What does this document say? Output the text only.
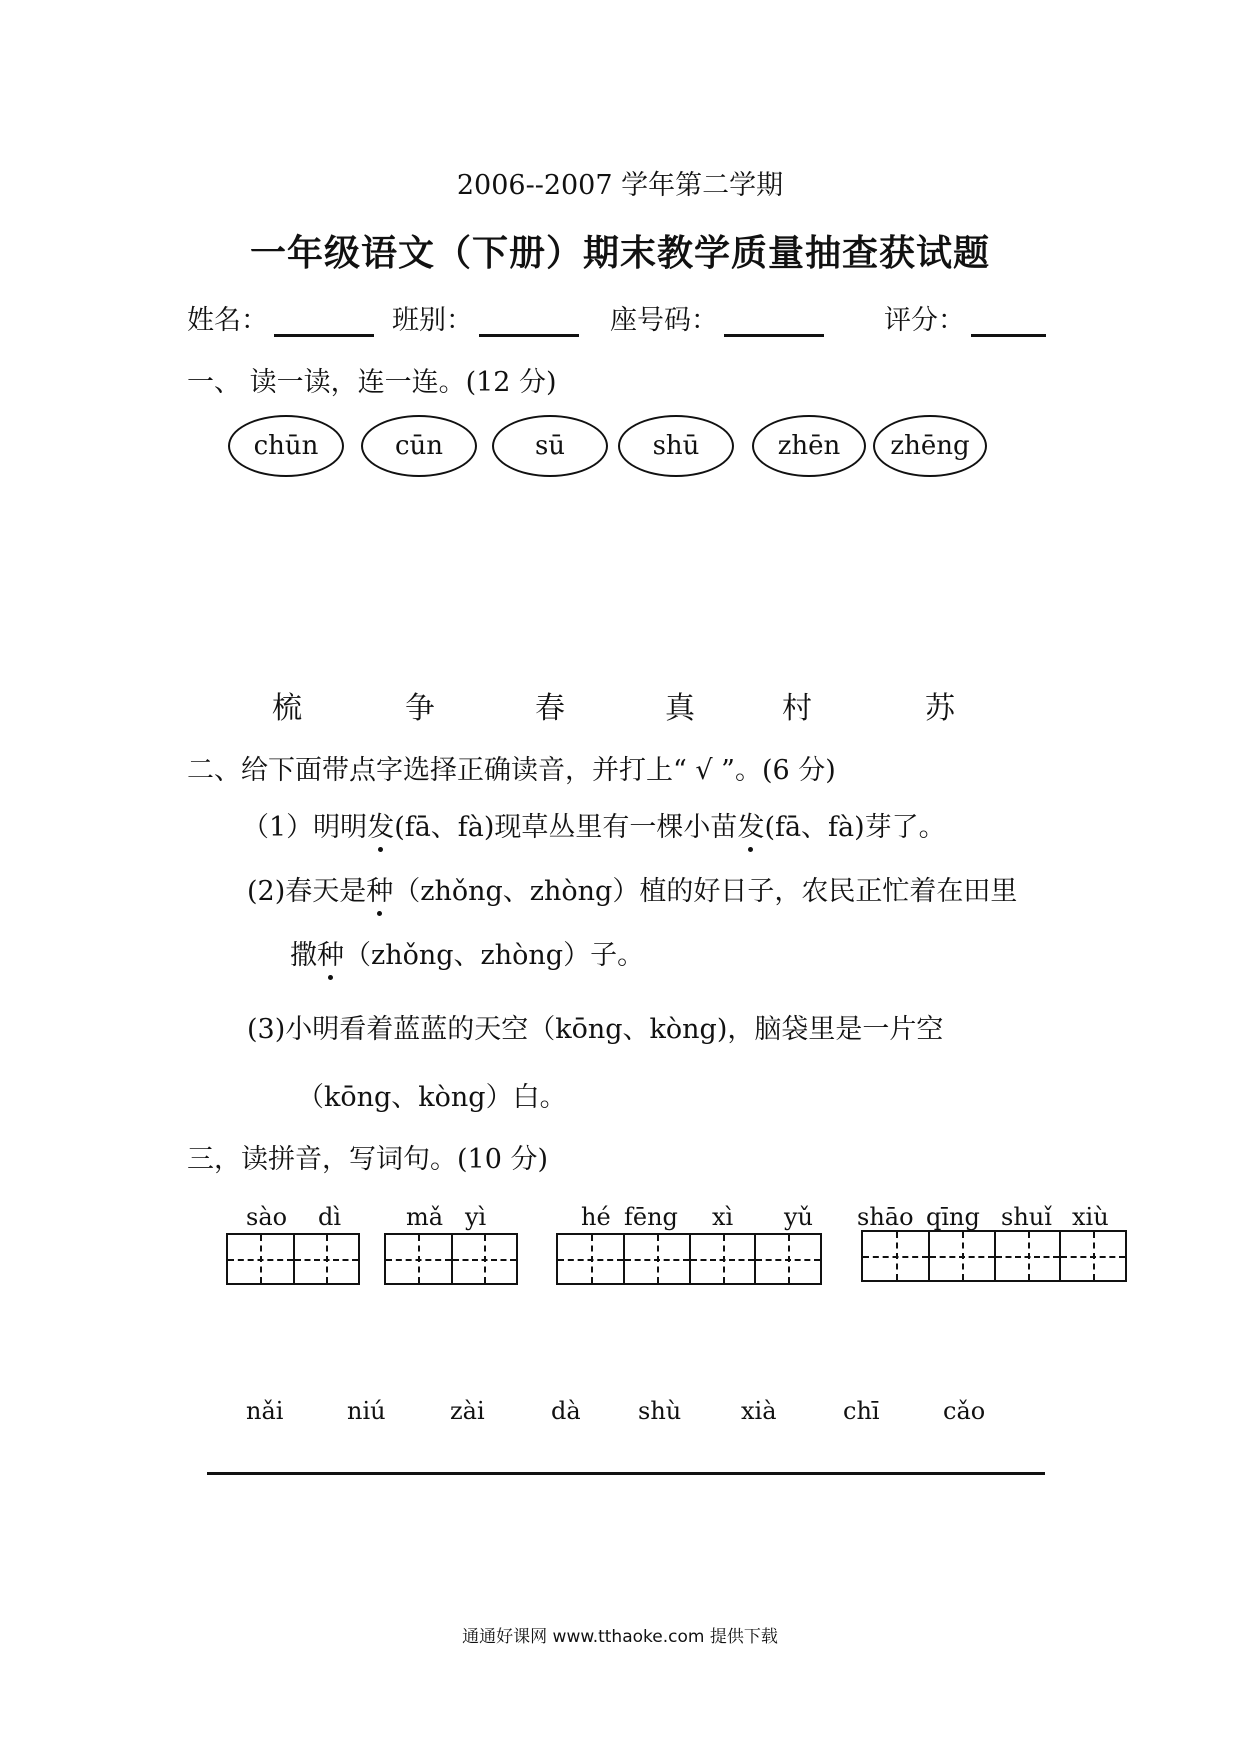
2006--2007 学年第二学期
一年级语文（下册）期末教学质量抽查获试题
姓名：	班别：	座号码：	评分：
一、 读一读，连一连。(12 分)
chūn	cūn	sū	shū	zhēn zhēng
梳	争	春	真	村	苏
二、给下面带点字选择正确读音，并打上“ √ ”。(6 分)
（1）明明发(fā、fà)现草丛里有一棵小苗发(fā、fà)芽了。
(2)春天是种（zhǒng、zhòng）植的好日子，农民正忙着在田里
撒种（zhǒng、zhòng）子。
(3)小明看着蓝蓝的天空（kōng、kòng)，脑袋里是一片空
（kōng、kòng）白。
三，读拼音，写词句。(10 分)
sào dì	mǎ yì	hé fēng xì yǔ shāo qīng shuǐ xiù
nǎi	niú	zài	dà shù xià	chī	cǎo
通通好课网 www.tthaoke.com 提供下载
